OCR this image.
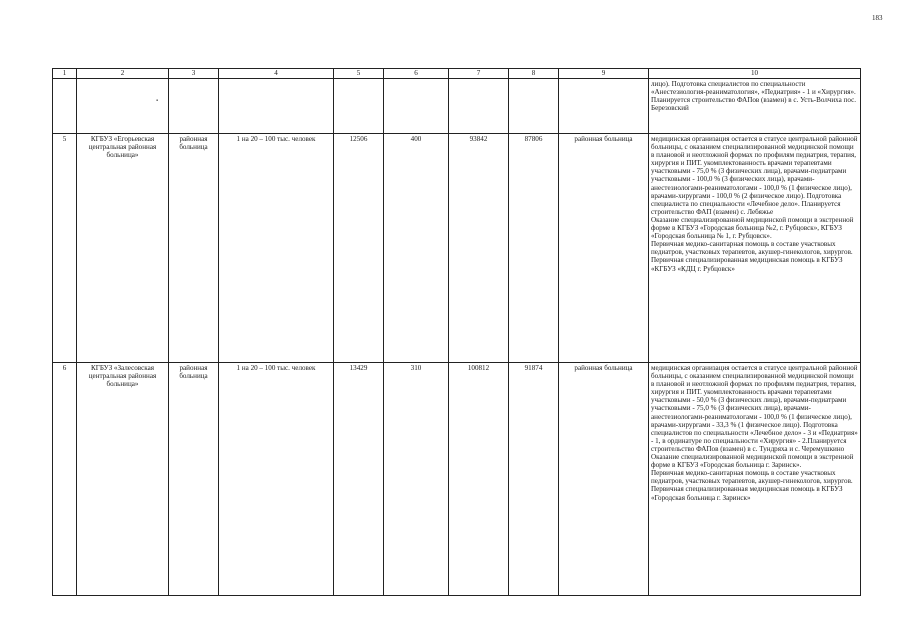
183
▪
1	2	3	4	5	6	7	8	9	10
									лицо). Подготовка специалистов по специальности «Анестезиология-реаниматология», «Педиатрия» - 1 и «Хирургия». Планируется строительство ФАПов (взамен) в с. Усть-Волчиха пос. Березовский
5	КГБУЗ «Егорьевская центральная районная больница»	районная больница	1 на 20 – 100 тыс. человек	12506	400	93842	87806	районная больница	медицинская организация остается в статусе центральной районной больницы, с оказанием специализированной медицинской помощи в плановой и неотложной формах по профилям педиатрия, терапия, хирургия и ПИТ. укомплектованность врачами терапевтами участковыми - 75,0 % (3 физических лица), врачами-педиатрами участковыми - 100,0 % (3 физических лица), врачами-анестезиологами-реаниматологами - 100,0 % (1 физическое лицо), врачами-хирургами - 100,0 % (2 физическое лицо). Подготовка специалиста по специальности «Лечебное дело». Планируется строительство ФАП (взамен) с. Лебяжье
Оказание специализированной медицинской помощи в экстренной форме в КГБУЗ «Городская больница №2, г. Рубцовск», КГБУЗ «Городская больница № 1, г. Рубцовск».
Первичная медико-санитарная помощь в составе участковых педиатров, участковых терапевтов, акушер-гинекологов, хирургов. Первичная специализированная медицинская помощь в КГБУЗ «КГБУЗ «КДЦ г. Рубцовск»

6	КГБУЗ «Залесовская центральная районная больница»	районная больница	1 на 20 – 100 тыс. человек	13429	310	100812	91874	районная больница	медицинская организация остается в статусе центральной районной больницы, с оказанием специализированной медицинской помощи в плановой и неотложной формах по профилям педиатрия, терапия, хирургия и ПИТ. укомплектованность врачами терапевтами участковыми - 50,0 % (3 физических лица), врачами-педиатрами участковыми - 75,0 % (3 физических лица), врачами-анестезиологами-реаниматологами - 100,0 % (1 физическое лицо), врачами-хирургами - 33,3 % (1 физическое лицо). Подготовка специалистов по специальности «Лечебное дело» - 3 и «Педиатрия» - 1, в ординатуре по специальности «Хирургия» - 2.Планируется строительство ФАПов (взамен) в с. Тундряха и с. Черемушкино
Оказание специализированной медицинской помощи в экстренной форме в КГБУЗ «Городская больница г. Заринск».
Первичная медико-санитарная помощь в составе участковых педиатров, участковых терапевтов, акушер-гинекологов, хирургов. Первичная специализированная медицинская помощь в КГБУЗ «Городская больница г. Заринск»
